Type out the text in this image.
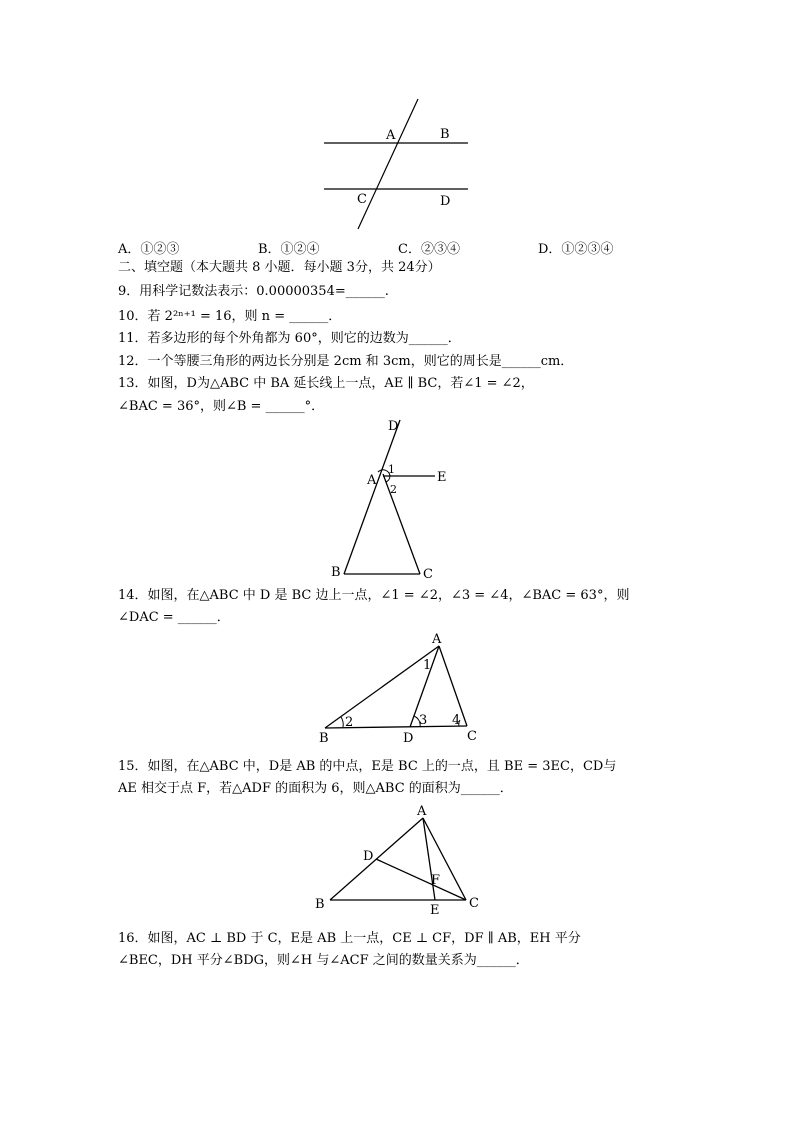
A	B
C	D
A．①②③	B．①②④	C．②③④	D．①②③④
二、填空题（本大题共 8 小题．每小题 3分，共 24分）
9．用科学记数法表示：0.00000354=______.
10．若 2²ⁿ⁺¹ = 16，则 n = ______．
11．若多边形的每个外角都为 60°，则它的边数为______．
12．一个等腰三角形的两边长分别是 2cm 和 3cm，则它的周长是______cm．
13．如图，D为△ABC 中 BA 延长线上一点，AE ∥ BC，若∠1 = ∠2，
∠BAC = 36°，则∠B = ______°．
D
A
1
2
E
B	C
14．如图，在△ABC 中 D 是 BC 边上一点，∠1 = ∠2，∠3 = ∠4，∠BAC = 63°，则
∠DAC = ______．
A
1
2	3 4
B	D	C
15．如图，在△ABC 中，D是 AB 的中点，E是 BC 上的一点，且 BE = 3EC，CD与
AE 相交于点 F，若△ADF 的面积为 6，则△ABC 的面积为______．
A
D
F
B	E C
16．如图，AC ⊥ BD 于 C，E是 AB 上一点，CE ⊥ CF，DF ∥ AB，EH 平分
∠BEC，DH 平分∠BDG，则∠H 与∠ACF 之间的数量关系为______．
